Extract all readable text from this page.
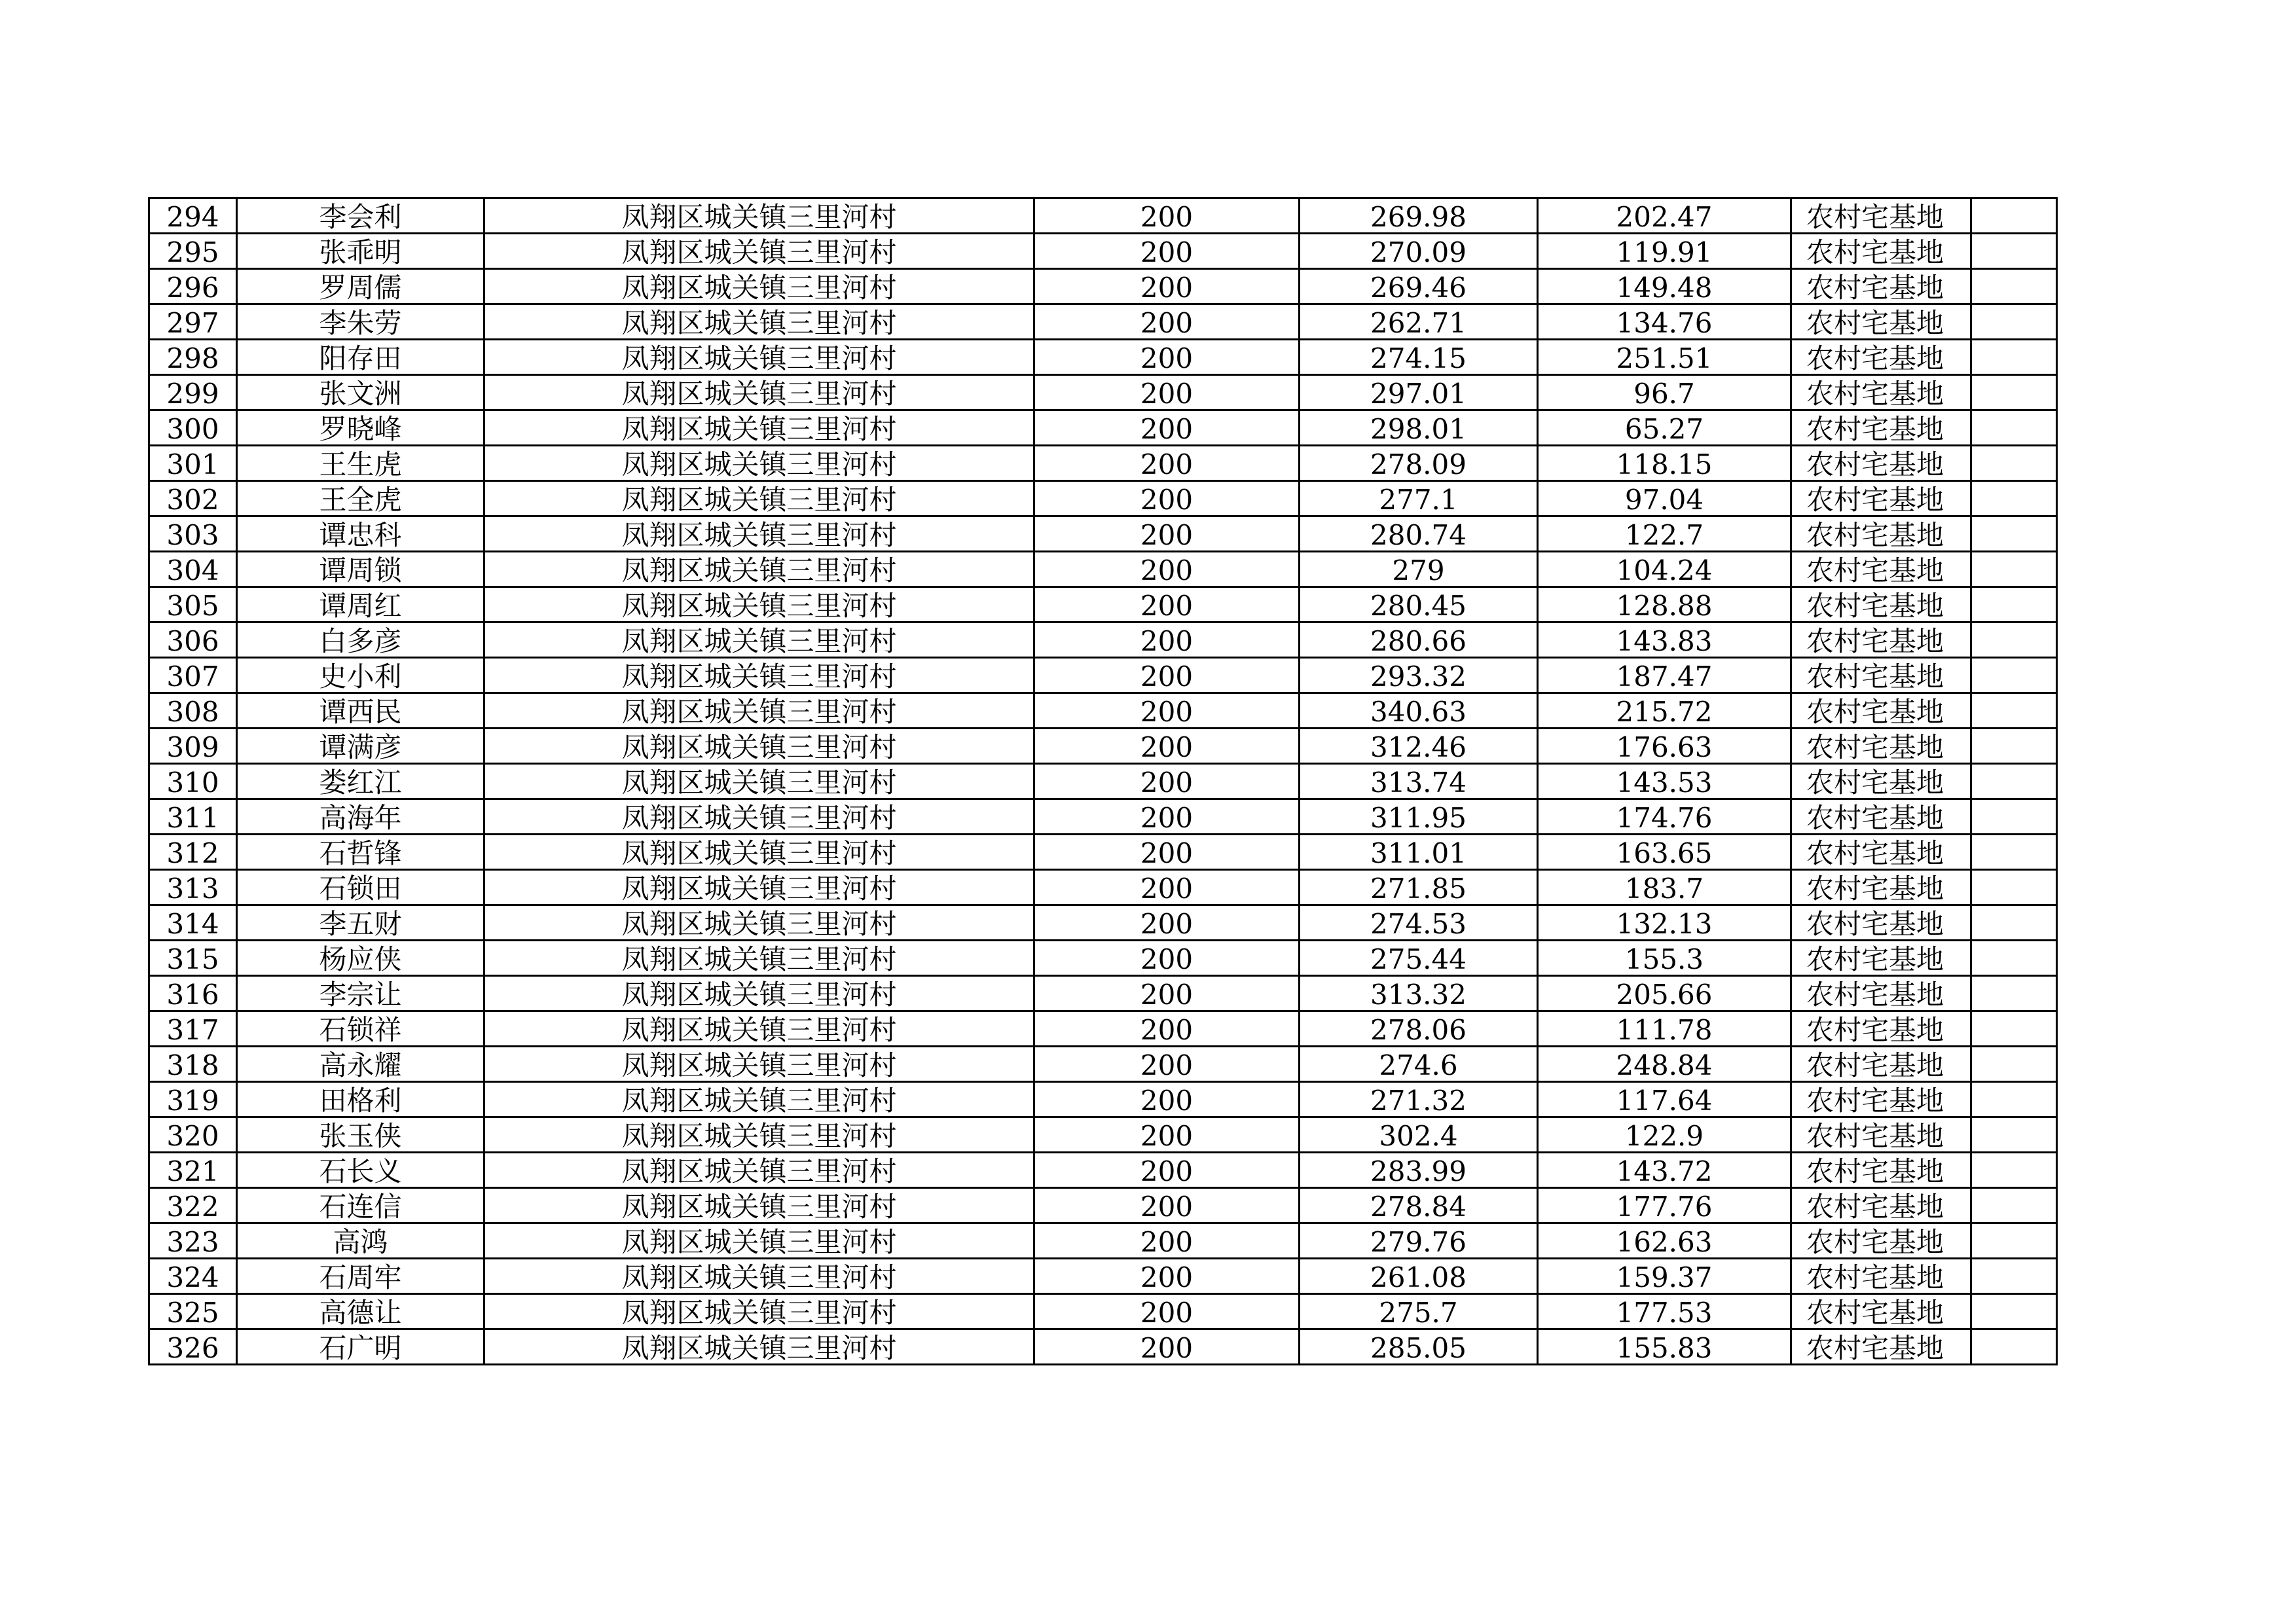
294	李会利	凤翔区城关镇三里河村	200	269.98	202.47	农村宅基地	
295	张乖明	凤翔区城关镇三里河村	200	270.09	119.91	农村宅基地	
296	罗周儒	凤翔区城关镇三里河村	200	269.46	149.48	农村宅基地	
297	李朱劳	凤翔区城关镇三里河村	200	262.71	134.76	农村宅基地	
298	阳存田	凤翔区城关镇三里河村	200	274.15	251.51	农村宅基地	
299	张文洲	凤翔区城关镇三里河村	200	297.01	96.7	农村宅基地	
300	罗晓峰	凤翔区城关镇三里河村	200	298.01	65.27	农村宅基地	
301	王生虎	凤翔区城关镇三里河村	200	278.09	118.15	农村宅基地	
302	王全虎	凤翔区城关镇三里河村	200	277.1	97.04	农村宅基地	
303	谭忠科	凤翔区城关镇三里河村	200	280.74	122.7	农村宅基地	
304	谭周锁	凤翔区城关镇三里河村	200	279	104.24	农村宅基地	
305	谭周红	凤翔区城关镇三里河村	200	280.45	128.88	农村宅基地	
306	白多彦	凤翔区城关镇三里河村	200	280.66	143.83	农村宅基地	
307	史小利	凤翔区城关镇三里河村	200	293.32	187.47	农村宅基地	
308	谭西民	凤翔区城关镇三里河村	200	340.63	215.72	农村宅基地	
309	谭满彦	凤翔区城关镇三里河村	200	312.46	176.63	农村宅基地	
310	娄红江	凤翔区城关镇三里河村	200	313.74	143.53	农村宅基地	
311	高海年	凤翔区城关镇三里河村	200	311.95	174.76	农村宅基地	
312	石哲锋	凤翔区城关镇三里河村	200	311.01	163.65	农村宅基地	
313	石锁田	凤翔区城关镇三里河村	200	271.85	183.7	农村宅基地	
314	李五财	凤翔区城关镇三里河村	200	274.53	132.13	农村宅基地	
315	杨应侠	凤翔区城关镇三里河村	200	275.44	155.3	农村宅基地	
316	李宗让	凤翔区城关镇三里河村	200	313.32	205.66	农村宅基地	
317	石锁祥	凤翔区城关镇三里河村	200	278.06	111.78	农村宅基地	
318	高永耀	凤翔区城关镇三里河村	200	274.6	248.84	农村宅基地	
319	田格利	凤翔区城关镇三里河村	200	271.32	117.64	农村宅基地	
320	张玉侠	凤翔区城关镇三里河村	200	302.4	122.9	农村宅基地	
321	石长义	凤翔区城关镇三里河村	200	283.99	143.72	农村宅基地	
322	石连信	凤翔区城关镇三里河村	200	278.84	177.76	农村宅基地	
323	高鸿	凤翔区城关镇三里河村	200	279.76	162.63	农村宅基地	
324	石周牢	凤翔区城关镇三里河村	200	261.08	159.37	农村宅基地	
325	高德让	凤翔区城关镇三里河村	200	275.7	177.53	农村宅基地	
326	石广明	凤翔区城关镇三里河村	200	285.05	155.83	农村宅基地	
